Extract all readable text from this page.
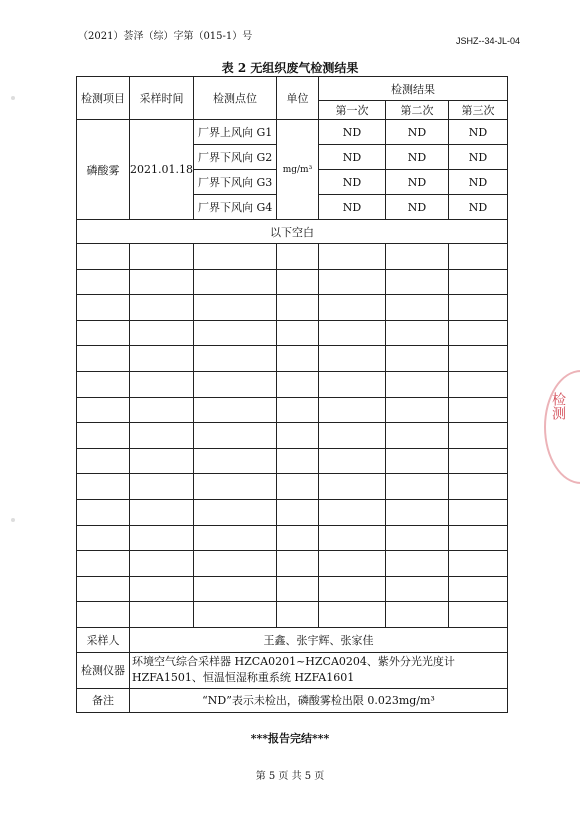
（2021）荟泽（综）字第（015-1）号	JSHZ--34-JL-04
表 2 无组织废气检测结果
检测项目	采样时间	检测点位	单位	检测结果		
				第一次	第二次	第三次
磷酸雾	2021.01.18	厂界上风向 G1	mg/m³	ND	ND	ND
		厂界下风向 G2		ND	ND	ND
		厂界下风向 G3		ND	ND	ND
		厂界下风向 G4		ND	ND	ND
以下空白						

采样人	王鑫、张宇辉、张家佳					
检测仪器	环境空气综合采样器 HZCA0201~HZCA0204、紫外分光光度计 HZFA1501、恒温恒湿称重系统 HZFA1601					
备注	“ND”表示未检出，磷酸雾检出限 0.023mg/m³					
***报告完结***
第 5 页 共 5 页
检测
